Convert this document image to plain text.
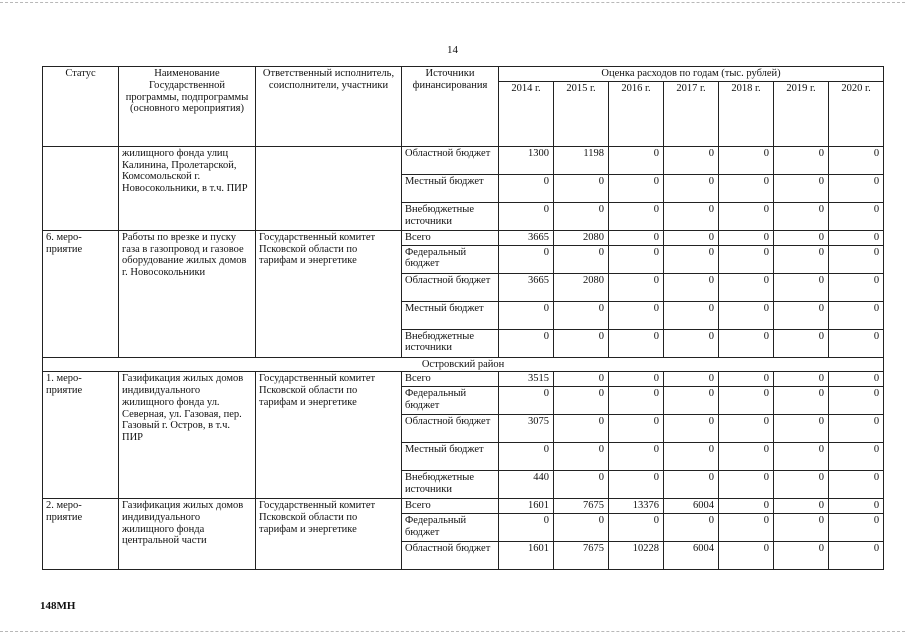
14
Статус	Наименование Государственной программы, подпрограммы (основного мероприятия)	Ответственный исполнитель, соисполнители, участники	Источники финансирования	Оценка расходов по годам (тыс. рублей)						
				2014 г.	2015 г.	2016 г.	2017 г.	2018 г.	2019 г.	2020 г.
	жилищного фонда улиц Калинина, Пролетарской, Комсомольской г. Новосокольники, в т.ч. ПИР		Областной бюджет	1300	1198	0	0	0	0	0
			Местный бюджет	0	0	0	0	0	0	0
			Внебюджетные источники	0	0	0	0	0	0	0
6. меро-приятие	Работы по врезке и пуску газа в газопровод и газовое оборудование жилых домов г. Новосокольники	Государственный комитет Псковской области по тарифам и энергетике	Всего	3665	2080	0	0	0	0	0
			Федеральный бюджет	0	0	0	0	0	0	0
			Областной бюджет	3665	2080	0	0	0	0	0
			Местный бюджет	0	0	0	0	0	0	0
			Внебюджетные источники	0	0	0	0	0	0	0
Островский район										
1. меро-приятие	Газификация жилых домов индивидуального жилищного фонда ул. Северная, ул. Газовая, пер. Газовый г. Остров, в т.ч. ПИР	Государственный комитет Псковской области по тарифам и энергетике	Всего	3515	0	0	0	0	0	0
			Федеральный бюджет	0	0	0	0	0	0	0
			Областной бюджет	3075	0	0	0	0	0	0
			Местный бюджет	0	0	0	0	0	0	0
			Внебюджетные источники	440	0	0	0	0	0	0
2. меро-приятие	Газификация жилых домов индивидуального жилищного фонда центральной части	Государственный комитет Псковской области по тарифам и энергетике	Всего	1601	7675	13376	6004	0	0	0
			Федеральный бюджет	0	0	0	0	0	0	0
			Областной бюджет	1601	7675	10228	6004	0	0	0
148МН
